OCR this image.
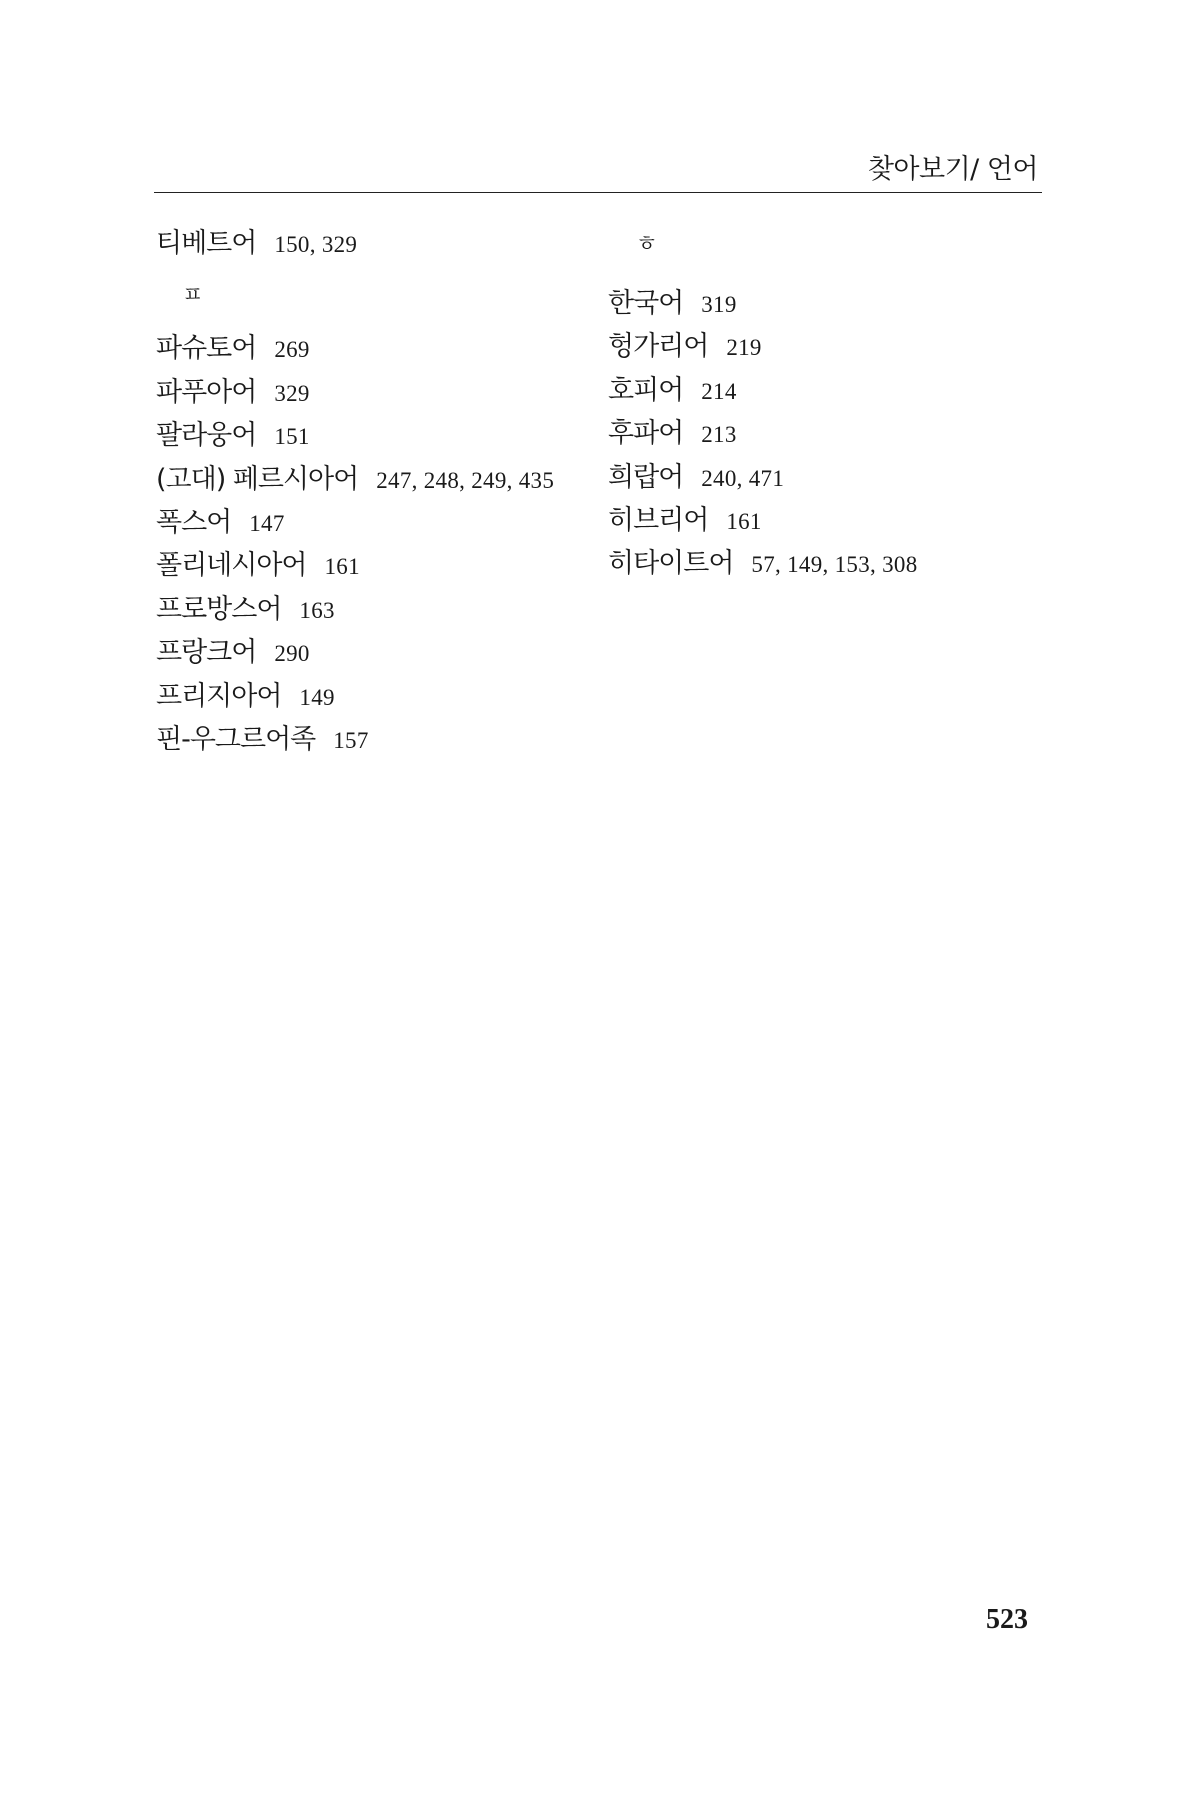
찾아보기/ 언어
티베트어 150, 329
ㅍ
파슈토어 269
파푸아어 329
팔라웅어 151
(고대) 페르시아어 247, 248, 249, 435
폭스어 147
폴리네시아어 161
프로방스어 163
프랑크어 290
프리지아어 149
핀-우그르어족 157
ㅎ
한국어 319
헝가리어 219
호피어 214
후파어 213
희랍어 240, 471
히브리어 161
히타이트어 57, 149, 153, 308
523
